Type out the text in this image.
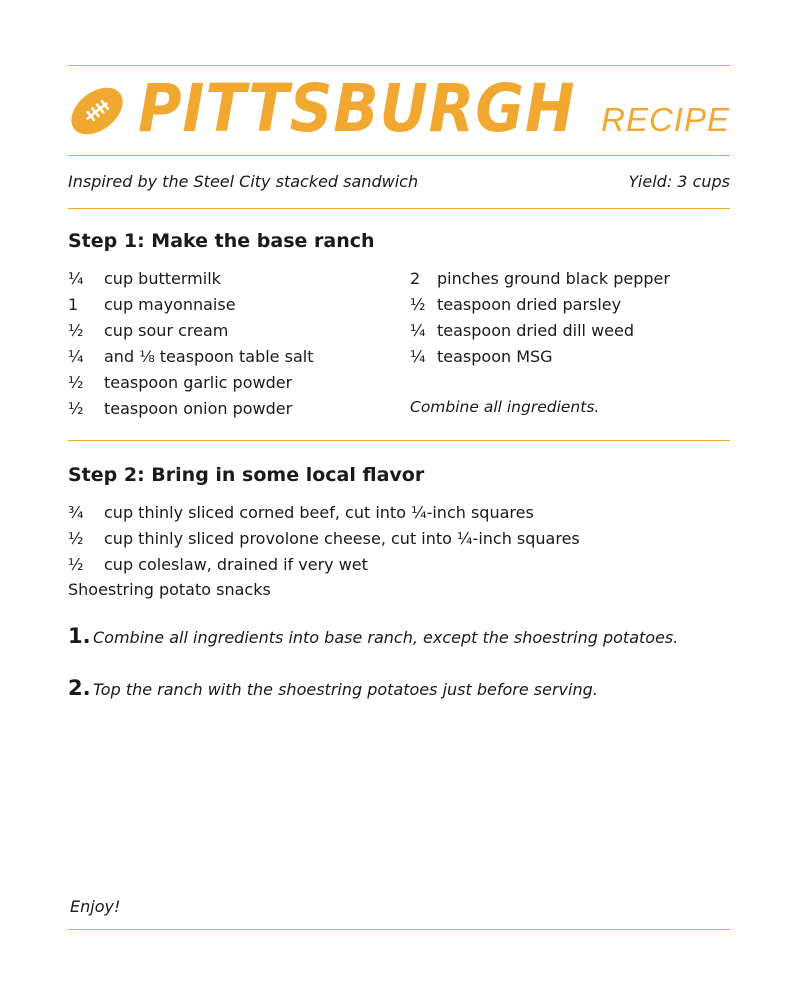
PITTSBURGH RECIPE
Inspired by the Steel City stacked sandwich	Yield: 3 cups
Step 1: Make the base ranch
¼ cup buttermilk
1 cup mayonnaise
½ cup sour cream
¼ and ⅛ teaspoon table salt
½ teaspoon garlic powder
½ teaspoon onion powder
2 pinches ground black pepper
½ teaspoon dried parsley
¼ teaspoon dried dill weed
¼ teaspoon MSG
Combine all ingredients.
Step 2: Bring in some local flavor
¾ cup thinly sliced corned beef, cut into ¼-inch squares
½ cup thinly sliced provolone cheese, cut into ¼-inch squares
½ cup coleslaw, drained if very wet
Shoestring potato snacks
1. Combine all ingredients into base ranch, except the shoestring potatoes.
2. Top the ranch with the shoestring potatoes just before serving.
Enjoy!
